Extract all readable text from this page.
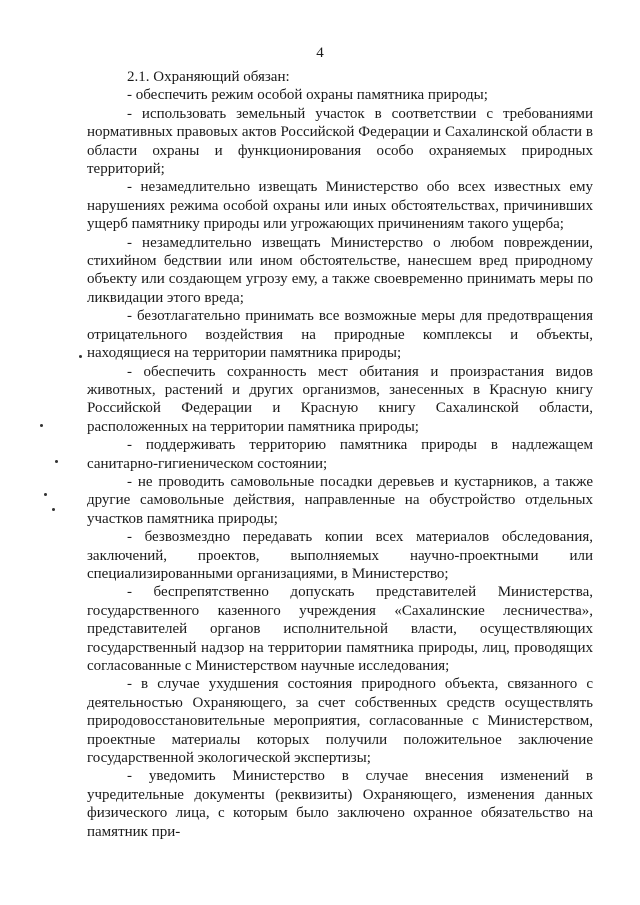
4

2.1. Охраняющий обязан:

- обеспечить режим особой охраны памятника природы;

- использовать земельный участок в соответствии с требованиями нормативных правовых актов Российской Федерации и Сахалинской области в области охраны и функционирования особо охраняемых природных территорий;

- незамедлительно извещать Министерство обо всех известных ему нарушениях режима особой охраны или иных обстоятельствах, причинивших ущерб памятнику природы или угрожающих причинениям такого ущерба;

- незамедлительно извещать Министерство о любом повреждении, стихийном бедствии или ином обстоятельстве, нанесшем вред природному объекту или создающем угрозу ему, а также своевременно принимать меры по ликвидации этого вреда;

- безотлагательно принимать все возможные меры для предотвращения отрицательного воздействия на природные комплексы и объекты, находящиеся на территории памятника природы;

- обеспечить сохранность мест обитания и произрастания видов животных, растений и других организмов, занесенных в Красную книгу Российской Федерации и Красную книгу Сахалинской области, расположенных на территории памятника природы;

- поддерживать территорию памятника природы в надлежащем санитарно-гигиеническом состоянии;

- не проводить самовольные посадки деревьев и кустарников, а также другие самовольные действия, направленные на обустройство отдельных участков памятника природы;

- безвозмездно передавать копии всех материалов обследования, заключений, проектов, выполняемых научно-проектными или специализированными организациями, в Министерство;

- беспрепятственно допускать представителей Министерства, государственного казенного учреждения «Сахалинские лесничества», представителей органов исполнительной власти, осуществляющих государственный надзор на территории памятника природы, лиц, проводящих согласованные с Министерством научные исследования;

- в случае ухудшения состояния природного объекта, связанного с деятельностью Охраняющего, за счет собственных средств осуществлять природовосстановительные мероприятия, согласованные с Министерством, проектные материалы которых получили положительное заключение государственной экологической экспертизы;

- уведомить Министерство в случае внесения изменений в учредительные документы (реквизиты) Охраняющего, изменения данных физического лица, с которым было заключено охранное обязательство на памятник при-
